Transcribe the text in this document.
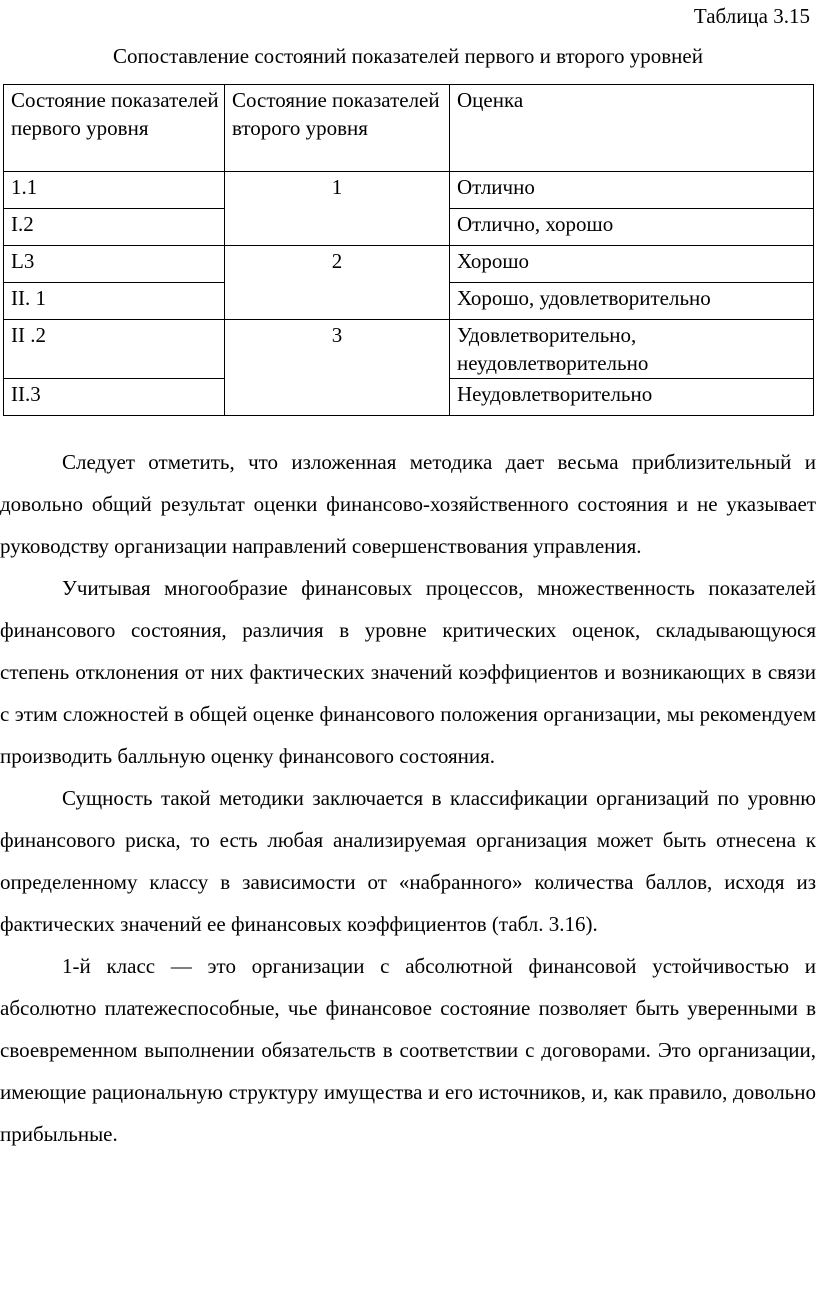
Таблица 3.15
Сопоставление состояний показателей первого и второго уровней
Состояние показателей первого уровня	Состояние показателей второго уровня	Оценка
1.1	1	Отлично
I.2		Отлично, хорошо
L3	2	Хорошо
II. 1		Хорошо, удовлетворительно
II .2	3	Удовлетворительно, неудовлетворительно
II.3		Неудовлетворительно

Следует отметить, что изложенная методика дает весьма приблизительный и довольно общий результат оценки финансово-хозяйственного состояния и не указывает руководству организации направлений совершенствования управления.

Учитывая многообразие финансовых процессов, множественность показателей финансового состояния, различия в уровне критических оценок, складывающуюся степень отклонения от них фактических значений коэффициентов и возникающих в связи с этим сложностей в общей оценке финансового положения организации, мы рекомендуем производить балльную оценку финансового состояния.

Сущность такой методики заключается в классификации организаций по уровню финансового риска, то есть любая анализируемая организация может быть отнесена к определенному классу в зависимости от «набранного» количества баллов, исходя из фактических значений ее финансовых коэффициентов (табл. 3.16).

1-й класс — это организации с абсолютной финансовой устойчивостью и абсолютно платежеспособные, чье финансовое состояние позволяет быть уверенными в своевременном выполнении обязательств в соответствии с договорами. Это организации, имеющие рациональную структуру имущества и его источников, и, как правило, довольно прибыльные.
